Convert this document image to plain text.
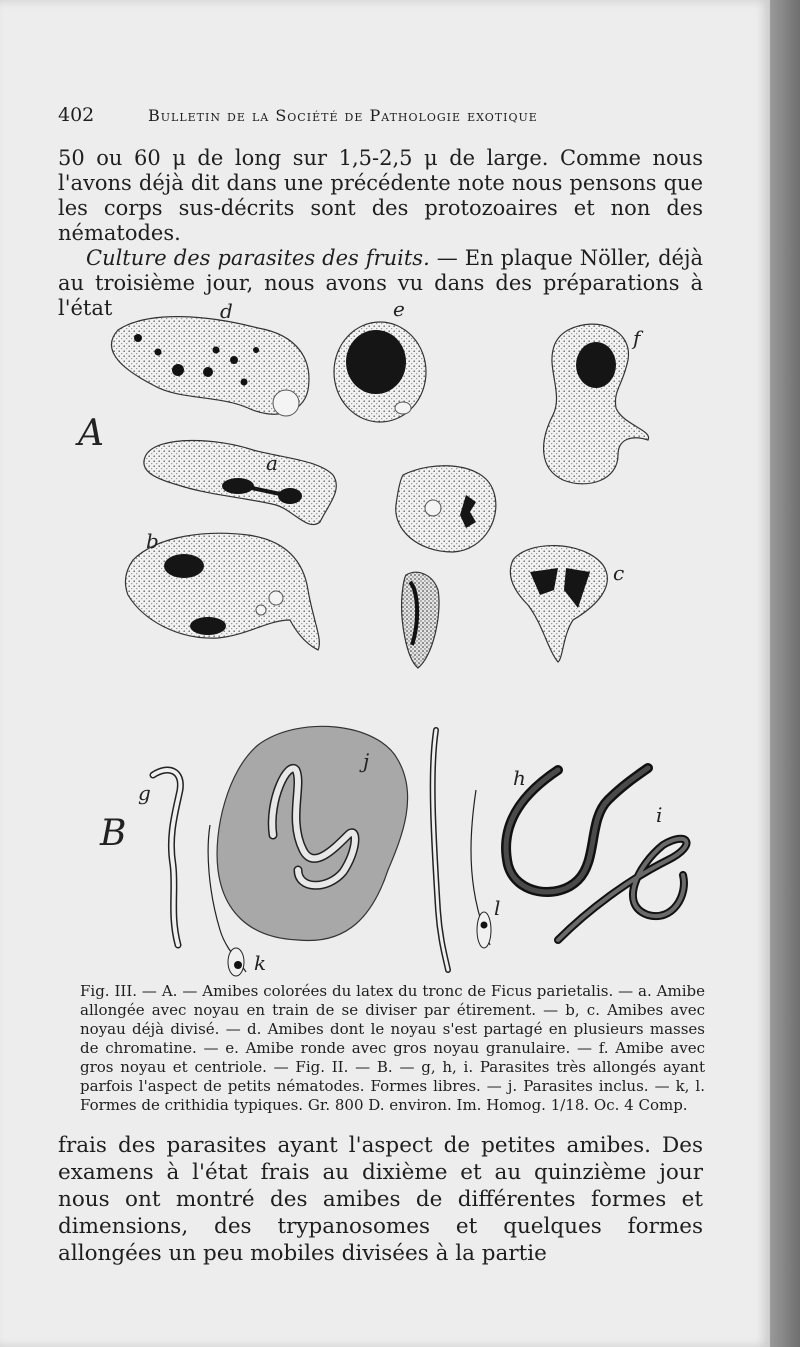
402	Bulletin de la Société de Pathologie exotique

50 ou 60 μ de long sur 1,5-2,5 μ de large. Comme nous l'avons déjà dit dans une précédente note nous pensons que les corps sus-décrits sont des protozoaires et non des nématodes.

Culture des parasites des fruits. — En plaque Nöller, déjà au troisième jour, nous avons vu dans des préparations à l'état

A
d	e
f
a
b
c
B
g
k
j
l
h
i

Fig. III. — A. — Amibes colorées du latex du tronc de Ficus parietalis. — a. Amibe allongée avec noyau en train de se diviser par étirement. — b, c. Amibes avec noyau déjà divisé. — d. Amibes dont le noyau s'est partagé en plusieurs masses de chromatine. — e. Amibe ronde avec gros noyau granulaire. — f. Amibe avec gros noyau et centriole. — Fig. II. — B. — g, h, i. Parasites très allongés ayant parfois l'aspect de petits nématodes. Formes libres. — j. Parasites inclus. — k, l. Formes de crithidia typiques. Gr. 800 D. environ. Im. Homog. 1/18. Oc. 4 Comp.

frais des parasites ayant l'aspect de petites amibes. Des examens à l'état frais au dixième et au quinzième jour nous ont montré des amibes de différentes formes et dimensions, des trypanosomes et quelques formes allongées un peu mobiles divisées à la partie
